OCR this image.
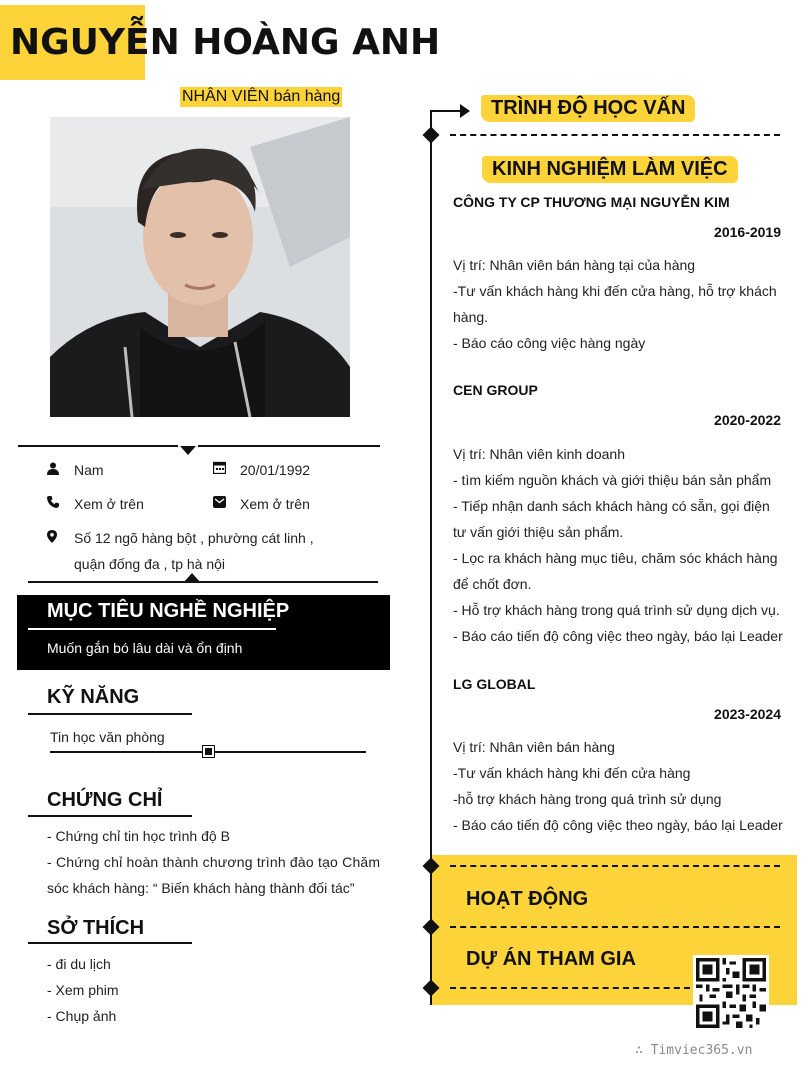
NGUYỄN HOÀNG ANH
NHÂN VIÊN bán hàng
Nam	20/01/1992
Xem ở trên	Xem ở trên
Số 12 ngõ hàng bột , phường cát linh ,
quận đống đa , tp hà nội
MỤC TIÊU NGHỀ NGHIỆP
Muốn gắn bó lâu dài và ổn định
KỸ NĂNG
Tin học văn phòng
CHỨNG CHỈ
- Chứng chỉ tin học trình độ B
- Chứng chỉ hoàn thành chương trình đào tạo Chăm
sóc khách hàng: “ Biến khách hàng thành đối tác”
SỞ THÍCH
- đi du lịch
- Xem phim
- Chụp ảnh
TRÌNH ĐỘ HỌC VẤN
KINH NGHIỆM LÀM VIỆC
CÔNG TY CP THƯƠNG MẠI NGUYỄN KIM
2016-2019
Vị trí: Nhân viên bán hàng tại của hàng
-Tư vấn khách hàng khi đến cửa hàng, hỗ trợ khách
hàng.
- Báo cáo công việc hàng ngày
CEN GROUP
2020-2022
Vị trí: Nhân viên kinh doanh
- tìm kiếm nguồn khách và giới thiệu bán sản phẩm
- Tiếp nhận danh sách khách hàng có sẵn, gọi điện
tư vấn giới thiệu sản phẩm.
- Lọc ra khách hàng mục tiêu, chăm sóc khách hàng
để chốt đơn.
- Hỗ trợ khách hàng trong quá trình sử dụng dịch vụ.
- Báo cáo tiến độ công việc theo ngày, báo lại Leader
LG GLOBAL
2023-2024
Vị trí: Nhân viên bán hàng
-Tư vấn khách hàng khi đến cửa hàng
-hỗ trợ khách hàng trong quá trình sử dụng
- Báo cáo tiến độ công việc theo ngày, báo lại Leader
HOẠT ĐỘNG
DỰ ÁN THAM GIA
∴ Timviec365.vn
